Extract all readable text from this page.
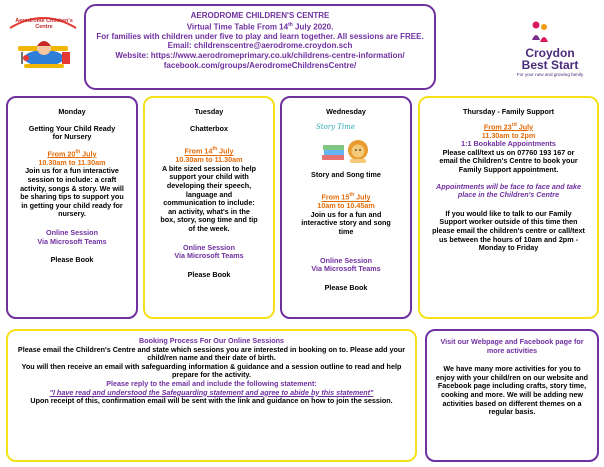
Aerodrome Children's Centre
AERODROME CHILDREN'S CENTRE
Virtual Time Table From 14th July 2020.
For families with children under five to play and learn together. All sessions are FREE.
Email: childrenscentre@aerodrome.croydon.sch
Website: https://www.aerodromeprimary.co.uk/childrens-centre-information/
facebook.com/groups/AerodromeChildrensCentre/
Croydon
Best Start
For your new and growing family
Monday
Getting Your Child Ready for Nursery
From 20th July
10.30am to 11.30am
Join us for a fun interactive session to include: a craft activity, songs & story. We will be sharing tips to support you in getting your child ready for nursery.
Online Session
Via Microsoft Teams
Please Book
Tuesday
Chatterbox
From 14th July
10.30am to 11.30am
A bite sized session to help support your child with developing their speech, language and communication to include: an activity, what's in the box, story, song time and tip of the week.
Online Session
Via Microsoft Teams
Please Book
Wednesday
Story Time
Story and Song time
From 15th July
10am to 10.45am
Join us for a fun and interactive story and song time
Online Session
Via Microsoft Teams
Please Book
Thursday - Family Support
From 23rd July
11.30am to 2pm
1:1 Bookable Appointments
Please call/text us on 07760 193 167 or email the Children's Centre to book your Family Support appointment.
Appointments will be face to face and take place in the Children's Centre
If you would like to talk to our Family Support worker outside of this time then please email the children's centre or call/text us between the hours of 10am and 2pm - Monday to Friday
Booking Process For Our Online Sessions
Please email the Children's Centre and state which sessions you are interested in booking on to. Please add your child/ren name and their date of birth.
You will then receive an email with safeguarding information & guidance and a session outline to read and help prepare for the activity.
Please reply to the email and include the following statement:
"I have read and understood the Safeguarding statement and agree to abide by this statement"
Upon receipt of this, confirmation email will be sent with the link and guidance on how to join the session.
Visit our Webpage and Facebook page for more activities
We have many more activities for you to enjoy with your child/ren on our website and Facebook page including crafts, story time, cooking and more. We will be adding new activities based on different themes on a regular basis.
